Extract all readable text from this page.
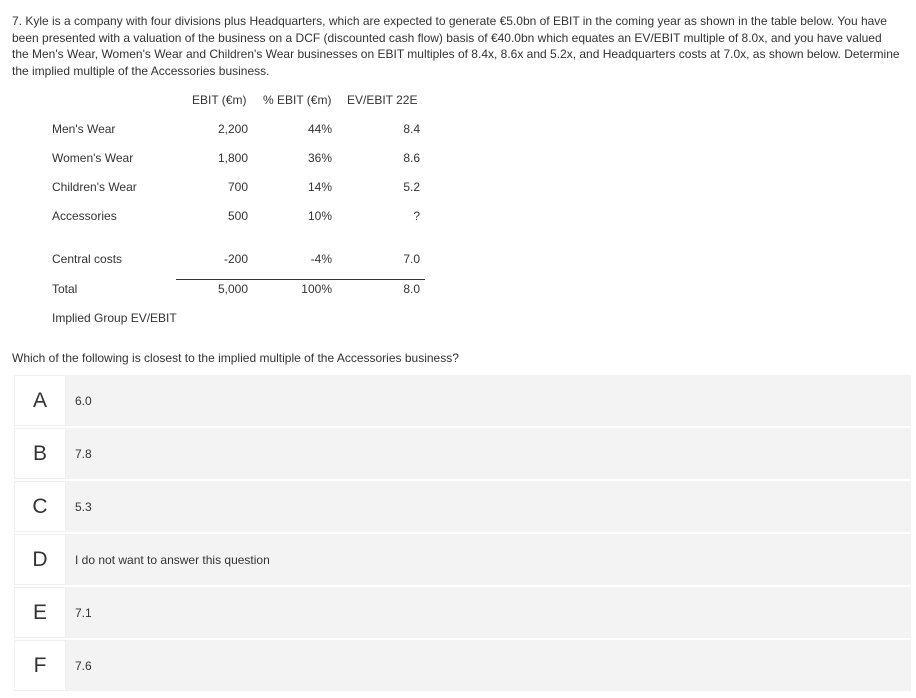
7. Kyle is a company with four divisions plus Headquarters, which are expected to generate €5.0bn of EBIT in the coming year as shown in the table below. You have been presented with a valuation of the business on a DCF (discounted cash flow) basis of €40.0bn which equates an EV/EBIT multiple of 8.0x, and you have valued the Men's Wear, Women's Wear and Children's Wear businesses on EBIT multiples of 8.4x, 8.6x and 5.2x, and Headquarters costs at 7.0x, as shown below. Determine the implied multiple of the Accessories business.
EBIT (€m) % EBIT (€m) EV/EBIT 22E
Men's Wear	2,200	44%	8.4
Women's Wear	1,800	36%	8.6
Children's Wear	700	14%	5.2
Accessories	500	10%	?
Central costs	-200	-4%	7.0
Total	5,000	100%	8.0
Implied Group EV/EBIT
Which of the following is closest to the implied multiple of the Accessories business?
A	6.0
B	7.8
C	5.3
D	I do not want to answer this question
E	7.1
F	7.6
